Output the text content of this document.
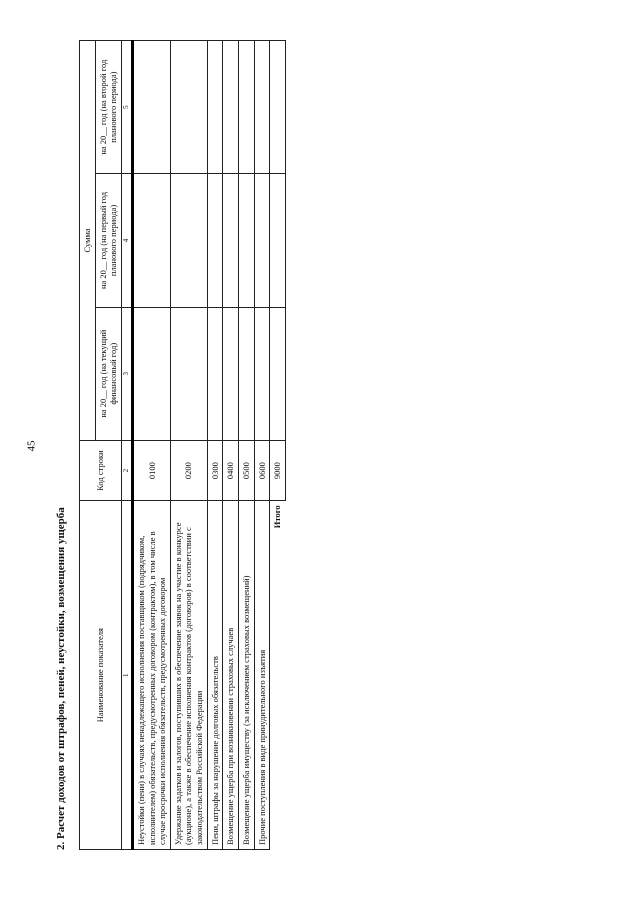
45
2. Расчет доходов от штрафов, пеней, неустойки, возмещения ущерба	Наименование показателя	Код строки	Сумма		
		на 20__ год (на текущий финансовый год)	на 20__ год (на первый год планового периода)	на 20__ год (на второй год планового периода)
1	2	3	4	5
Неустойки (пени) в случаях ненадлежащего исполнения поставщиком (подрядчиком, исполнителем) обязательств, предусмотренных договором (контрактом), в том числе в случае просрочки исполнения обязательств, предусмотренных договором	0100			
Удержание задатков и залогов, поступивших в обеспечение заявок на участие в конкурсе (аукционе), а также в обеспечение исполнения контрактов (договоров) в соответствии с законодательством Российской Федерации	0200			
Пени, штрафы за нарушение долговых обязательств	0300			
Возмещение ущерба при возникновении страховых случаев	0400			
Возмещение ущерба имуществу (за исключением страховых возмещений)	0500			
Прочие поступления в виде принудительного изъятия	0600			
Итого	9000			
